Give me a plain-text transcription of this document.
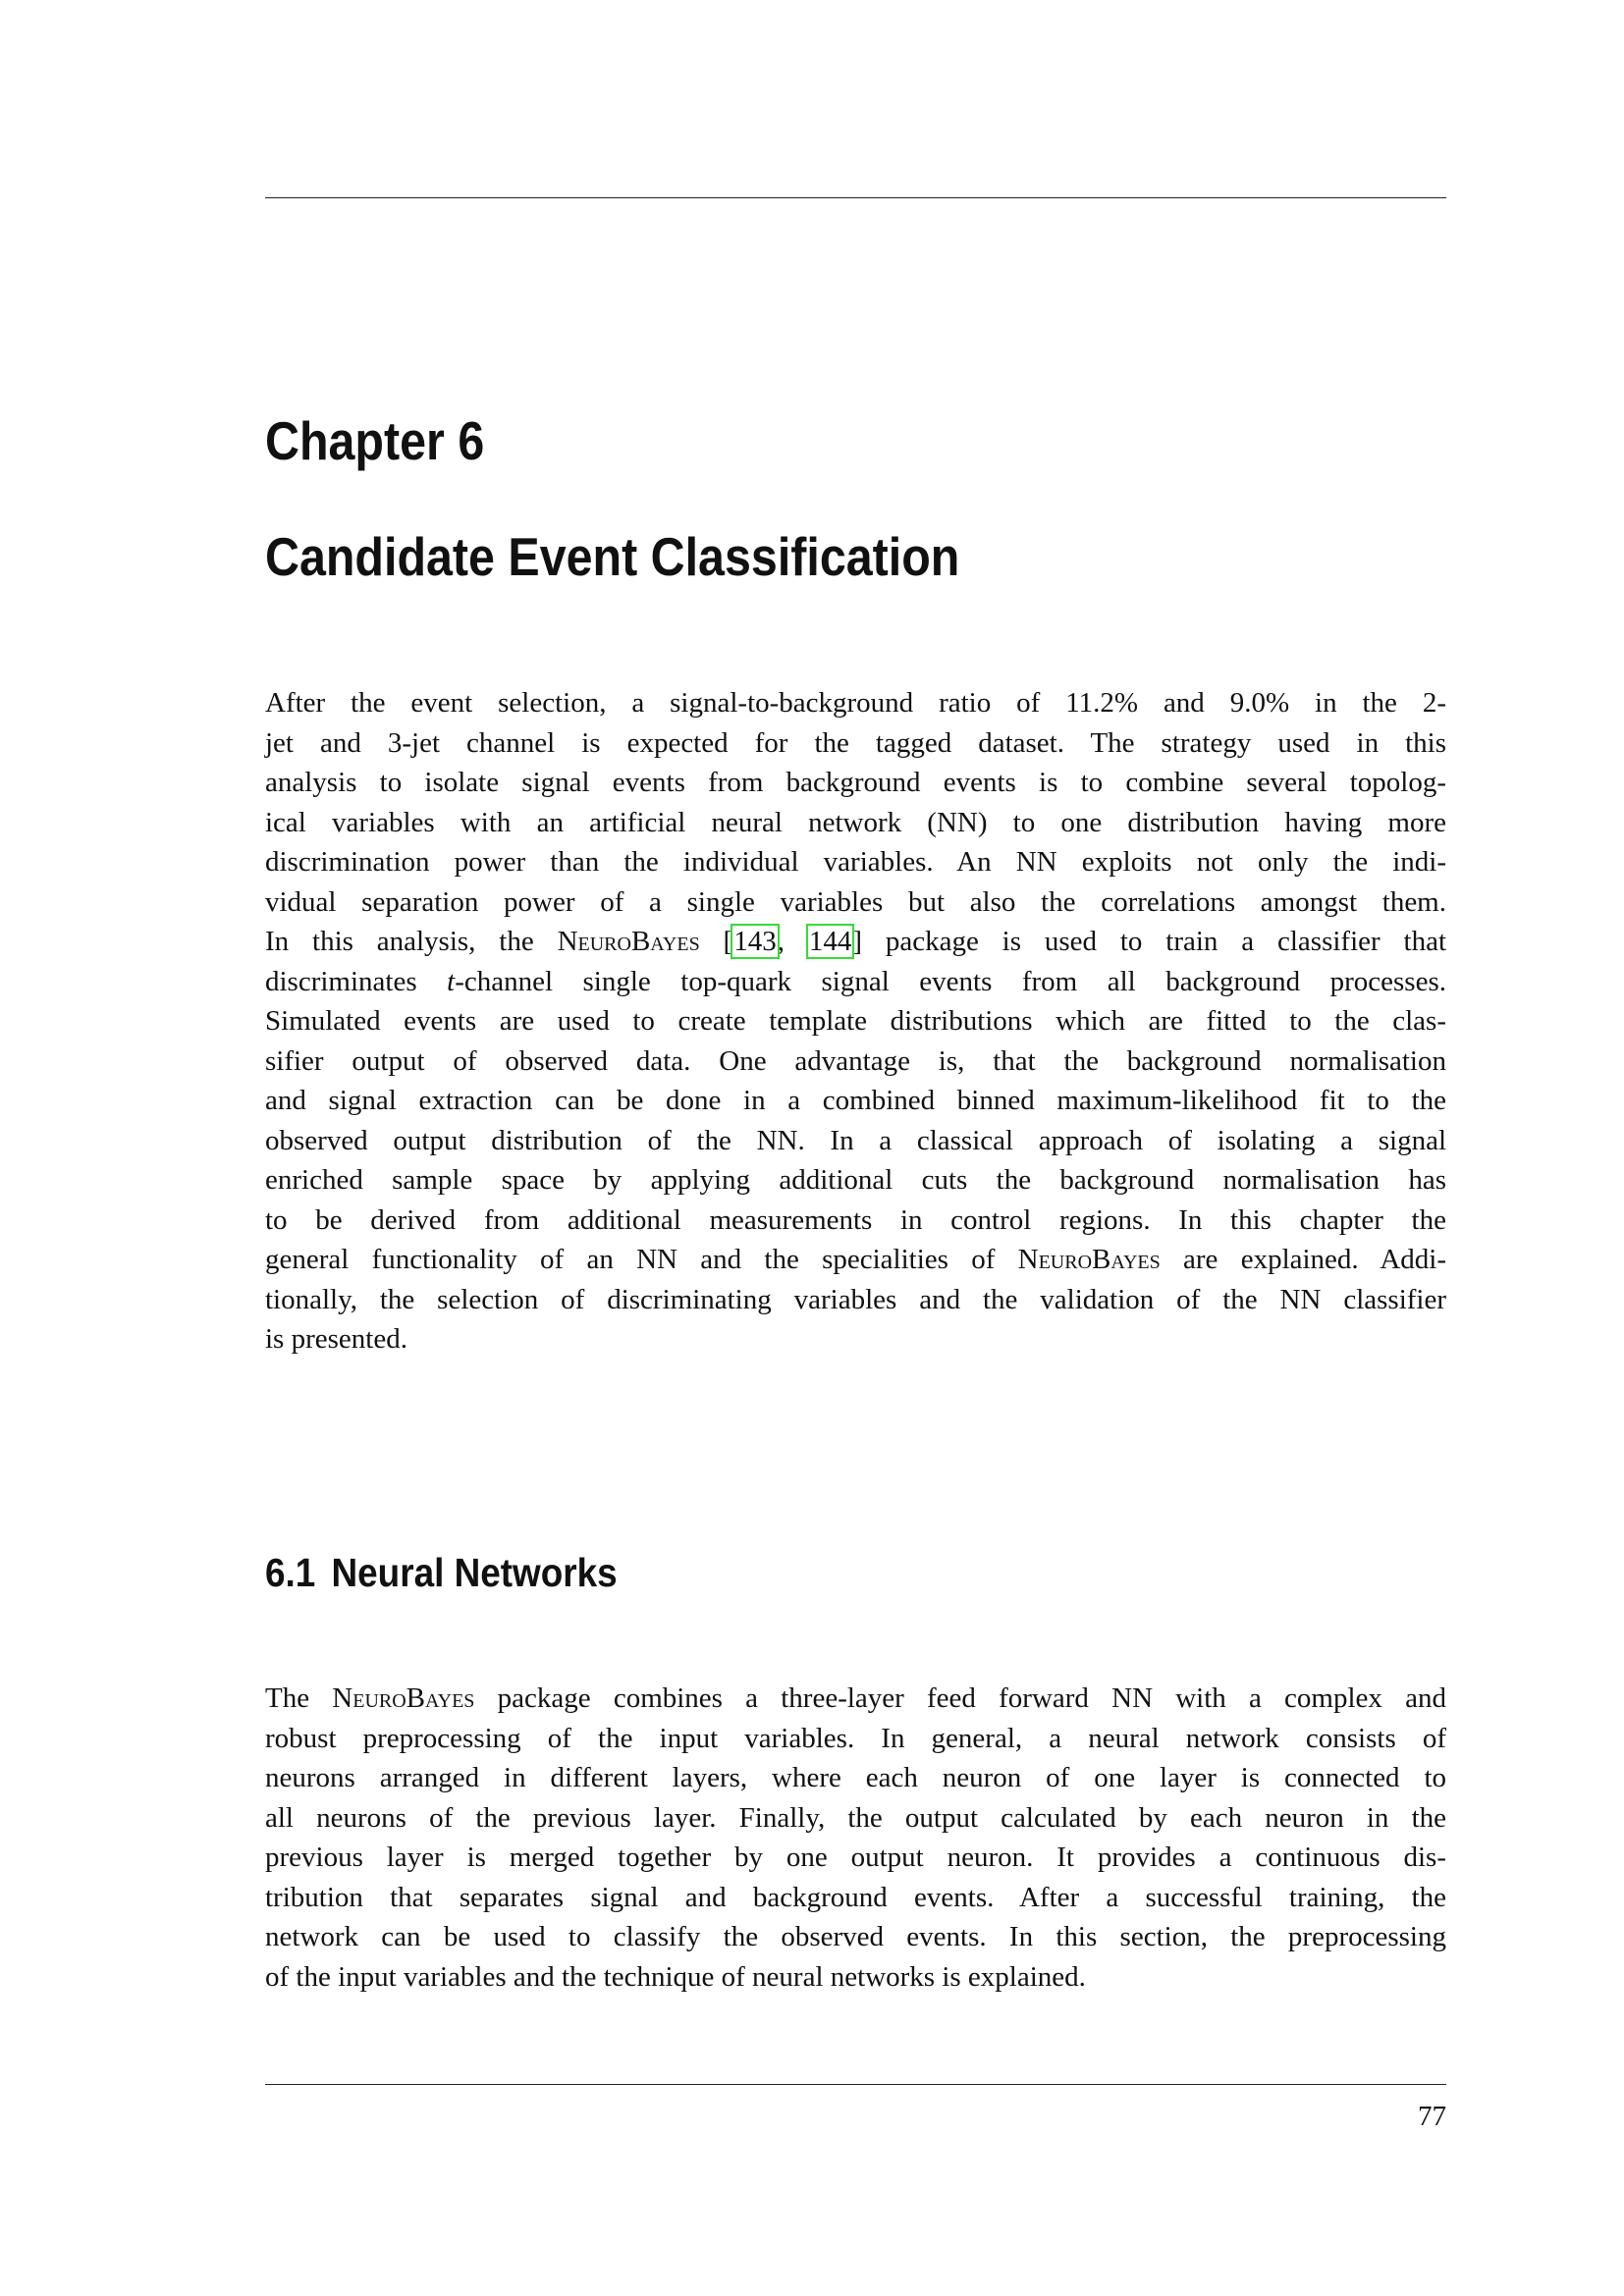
Chapter 6
Candidate Event Classification
After the event selection, a signal-to-background ratio of 11.2% and 9.0% in the 2-
jet and 3-jet channel is expected for the tagged dataset. The strategy used in this
analysis to isolate signal events from background events is to combine several topolog-
ical variables with an artificial neural network (NN) to one distribution having more
discrimination power than the individual variables. An NN exploits not only the indi-
vidual separation power of a single variables but also the correlations amongst them.
In this analysis, the NeuroBayes [143, 144] package is used to train a classifier that
discriminates t-channel single top-quark signal events from all background processes.
Simulated events are used to create template distributions which are fitted to the clas-
sifier output of observed data. One advantage is, that the background normalisation
and signal extraction can be done in a combined binned maximum-likelihood fit to the
observed output distribution of the NN. In a classical approach of isolating a signal
enriched sample space by applying additional cuts the background normalisation has
to be derived from additional measurements in control regions. In this chapter the
general functionality of an NN and the specialities of NeuroBayes are explained. Addi-
tionally, the selection of discriminating variables and the validation of the NN classifier
is presented.
6.1 Neural Networks
The NeuroBayes package combines a three-layer feed forward NN with a complex and
robust preprocessing of the input variables. In general, a neural network consists of
neurons arranged in different layers, where each neuron of one layer is connected to
all neurons of the previous layer. Finally, the output calculated by each neuron in the
previous layer is merged together by one output neuron. It provides a continuous dis-
tribution that separates signal and background events. After a successful training, the
network can be used to classify the observed events. In this section, the preprocessing
of the input variables and the technique of neural networks is explained.
77
